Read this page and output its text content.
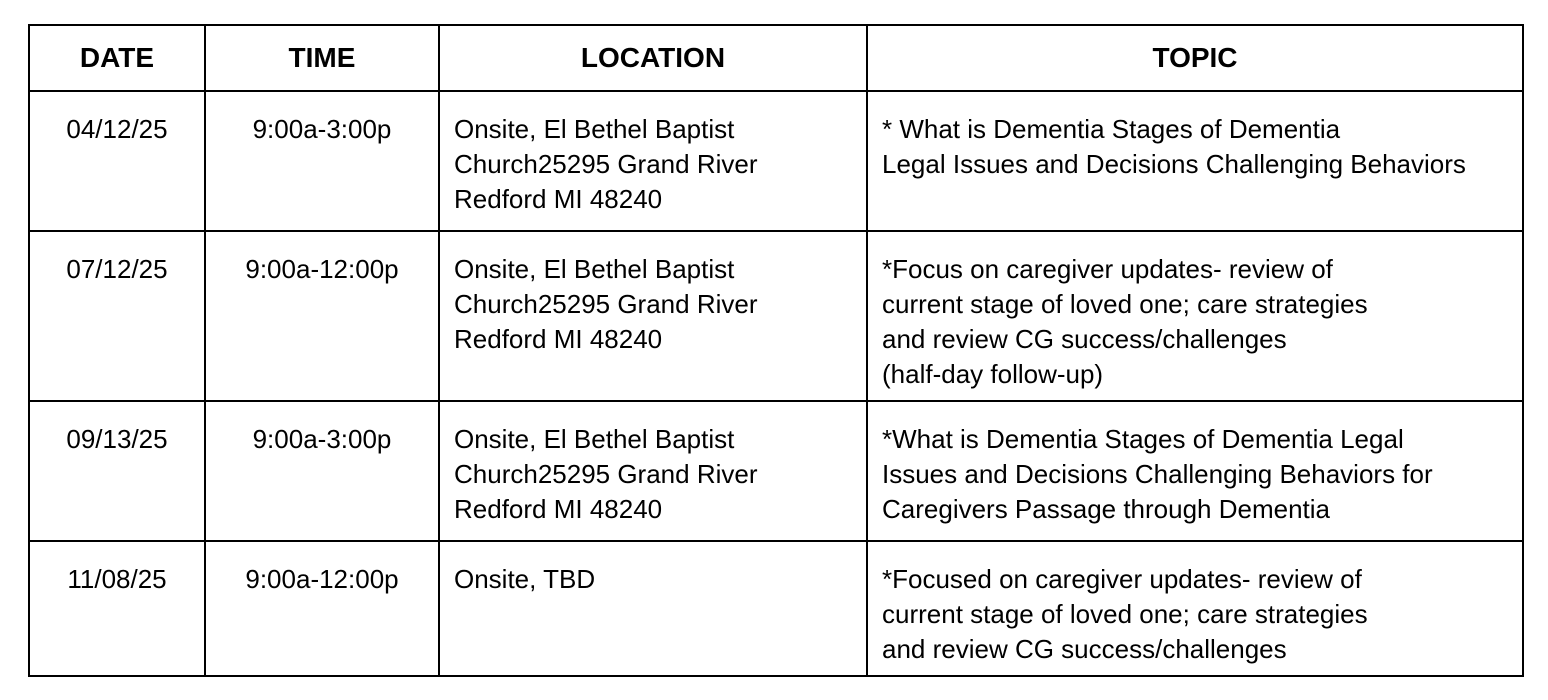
DATE	TIME	LOCATION	TOPIC
04/12/25	9:00a-3:00p	Onsite, El Bethel Baptist
Church25295 Grand River
Redford MI 48240	* What is Dementia Stages of Dementia
Legal Issues and Decisions Challenging Behaviors

07/12/25	9:00a-12:00p	Onsite, El Bethel Baptist
Church25295 Grand River
Redford MI 48240	*Focus on caregiver updates- review of
current stage of loved one; care strategies
and review CG success/challenges
(half-day follow-up)

09/13/25	9:00a-3:00p	Onsite, El Bethel Baptist
Church25295 Grand River
Redford MI 48240	*What is Dementia Stages of Dementia Legal
Issues and Decisions Challenging Behaviors for
Caregivers Passage through Dementia

11/08/25	9:00a-12:00p	Onsite, TBD	*Focused on caregiver updates- review of
current stage of loved one; care strategies
and review CG success/challenges
